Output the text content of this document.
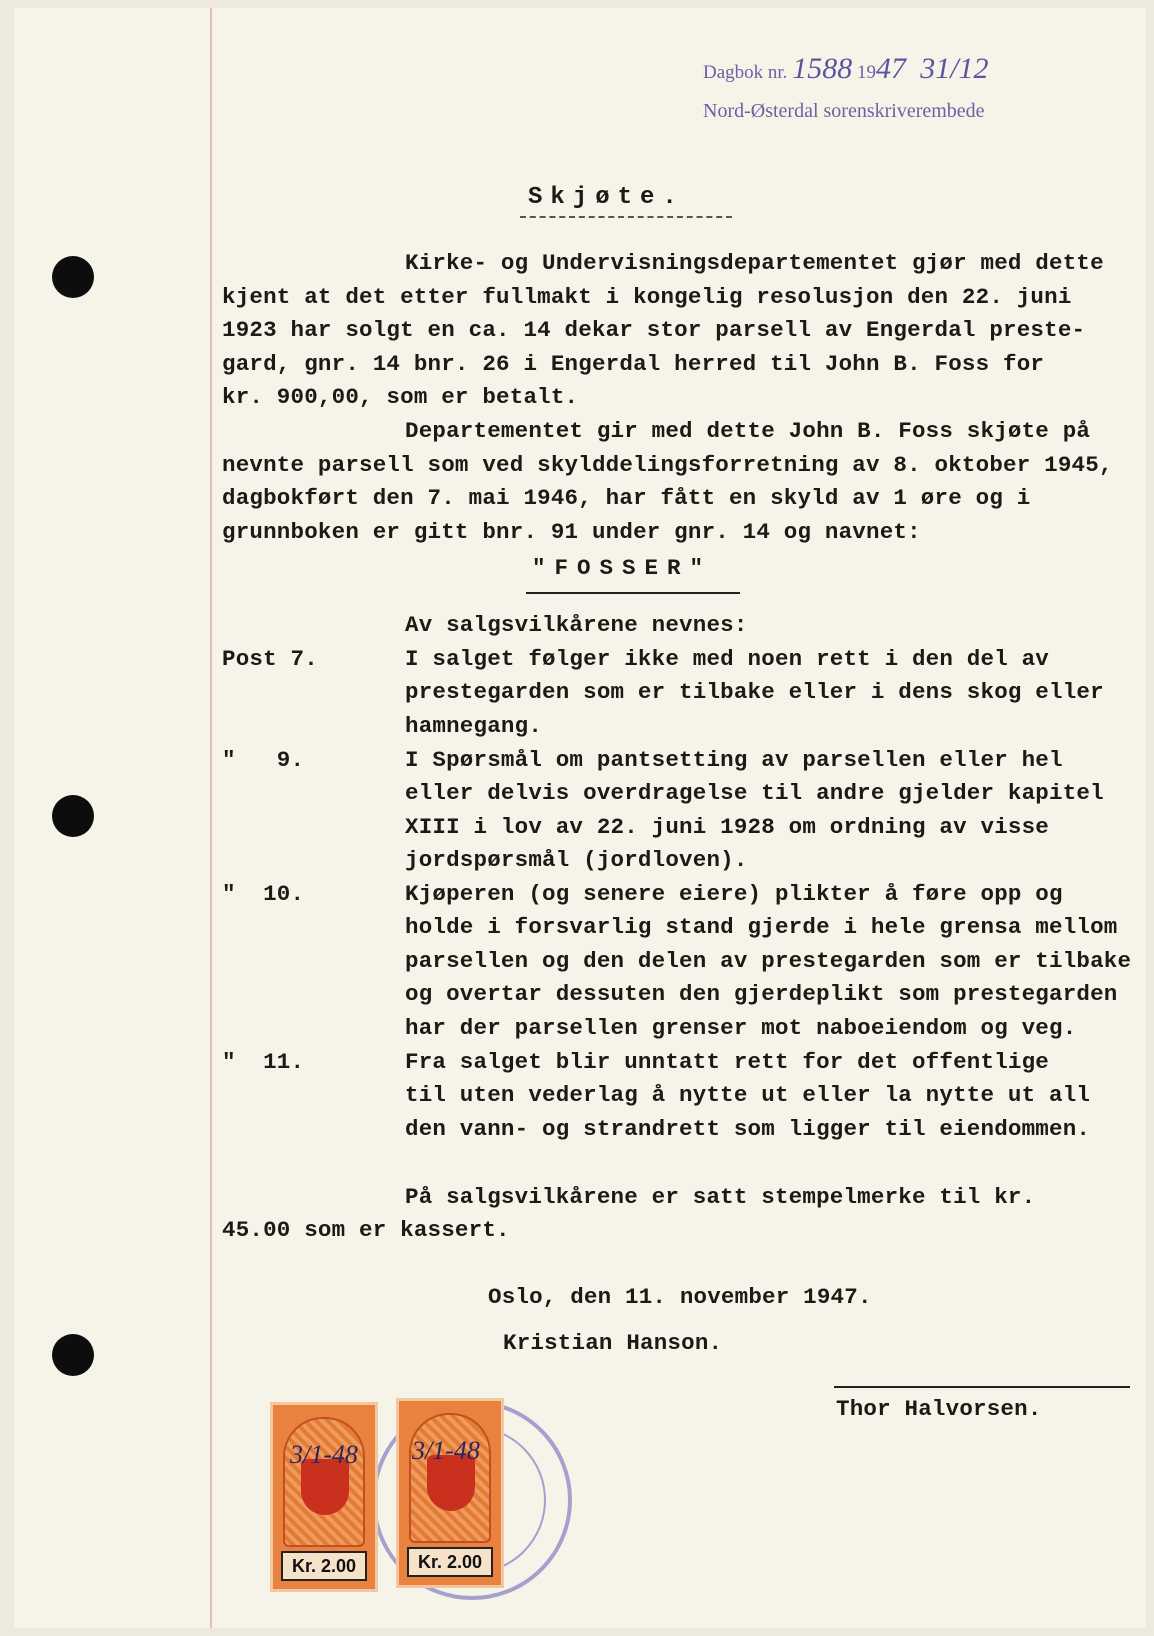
Dagbok nr. 1588 1947 31/12
Nord-Østerdal sorenskriverembede
Skjøte.
Kirke- og Undervisningsdepartementet gjør med dette
kjent at det etter fullmakt i kongelig resolusjon den 22. juni
1923 har solgt en ca. 14 dekar stor parsell av Engerdal preste-
gard, gnr. 14 bnr. 26 i Engerdal herred til John B. Foss for
kr. 900,00, som er betalt.
Departementet gir med dette John B. Foss skjøte på
nevnte parsell som ved skylddelingsforretning av 8. oktober 1945,
dagbokført den 7. mai 1946, har fått en skyld av 1 øre og i
grunnboken er gitt bnr. 91 under gnr. 14 og navnet:
"FOSSER"
Av salgsvilkårene nevnes:
Post 7.	I salget følger ikke med noen rett i den del av
prestegarden som er tilbake eller i dens skog eller
hamnegang.
"   9.	I Spørsmål om pantsetting av parsellen eller hel
eller delvis overdragelse til andre gjelder kapitel
XIII i lov av 22. juni 1928 om ordning av visse
jordspørsmål (jordloven).
"  10.	Kjøperen (og senere eiere) plikter å føre opp og
holde i forsvarlig stand gjerde i hele grensa mellom
parsellen og den delen av prestegarden som er tilbake
og overtar dessuten den gjerdeplikt som prestegarden
har der parsellen grenser mot naboeiendom og veg.
"  11.	Fra salget blir unntatt rett for det offentlige
til uten vederlag å nytte ut eller la nytte ut all
den vann- og strandrett som ligger til eiendommen.
På salgsvilkårene er satt stempelmerke til kr.
45.00 som er kassert.
Oslo, den 11. november 1947.
Kristian Hanson.
Thor Halvorsen.
Kr. 2.00	Kr. 2.00
3/1-48 3/1-48
